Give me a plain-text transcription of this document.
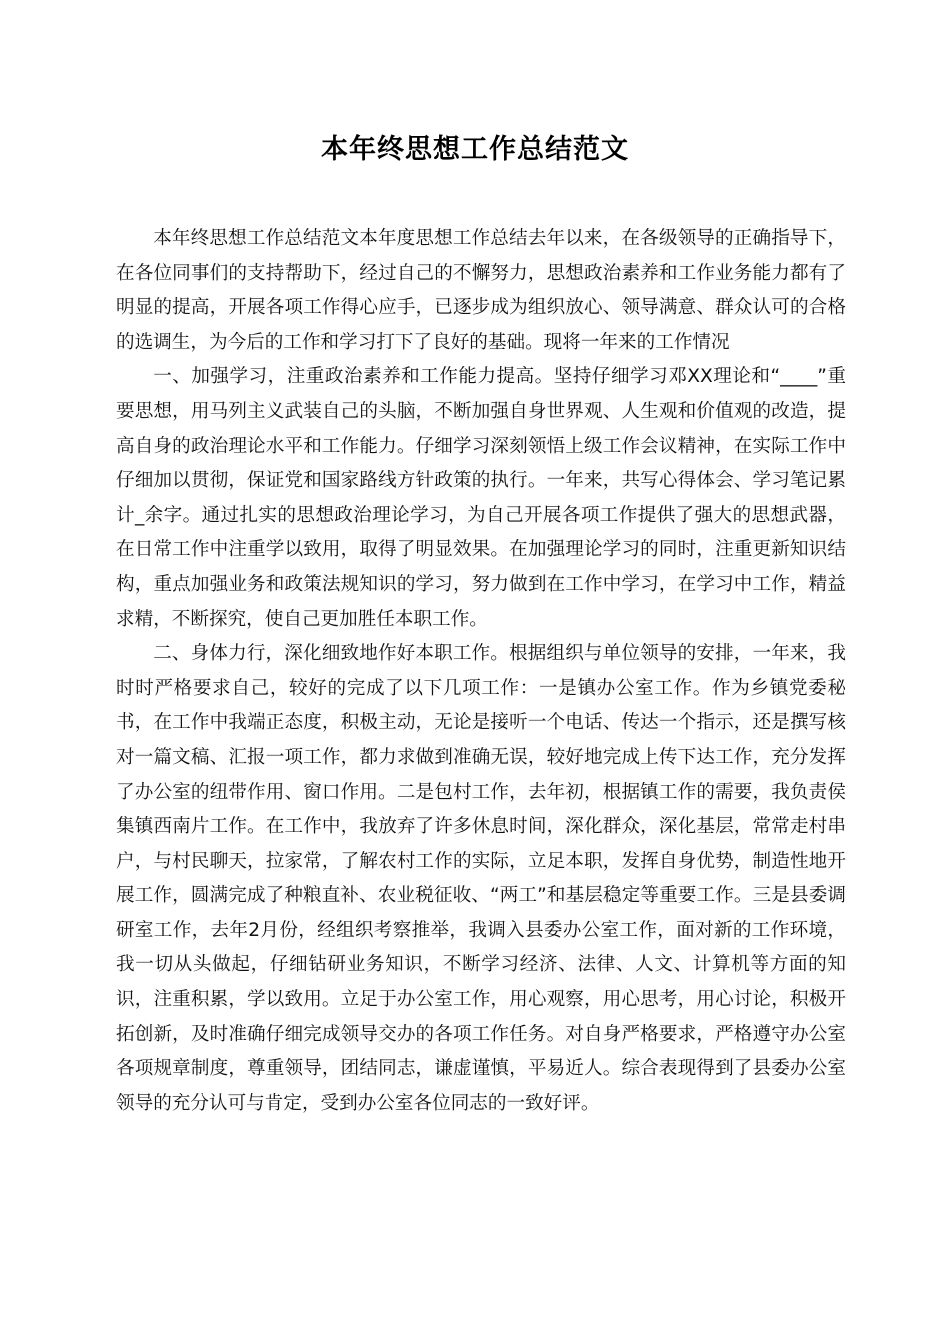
本年终思想工作总结范文

本年终思想工作总结范文本年度思想工作总结去年以来，在各级领导的正确指导下，在各位同事们的支持帮助下，经过自己的不懈努力，思想政治素养和工作业务能力都有了明显的提高，开展各项工作得心应手，已逐步成为组织放心、领导满意、群众认可的合格的选调生，为今后的工作和学习打下了良好的基础。现将一年来的工作情况

一、加强学习，注重政治素养和工作能力提高。坚持仔细学习邓XX理论和“____”重要思想，用马列主义武装自己的头脑，不断加强自身世界观、人生观和价值观的改造，提高自身的政治理论水平和工作能力。仔细学习深刻领悟上级工作会议精神，在实际工作中仔细加以贯彻，保证党和国家路线方针政策的执行。一年来，共写心得体会、学习笔记累计_余字。通过扎实的思想政治理论学习，为自己开展各项工作提供了强大的思想武器，在日常工作中注重学以致用，取得了明显效果。在加强理论学习的同时，注重更新知识结构，重点加强业务和政策法规知识的学习，努力做到在工作中学习，在学习中工作，精益求精，不断探究，使自己更加胜任本职工作。

二、身体力行，深化细致地作好本职工作。根据组织与单位领导的安排，一年来，我时时严格要求自己，较好的完成了以下几项工作：一是镇办公室工作。作为乡镇党委秘书，在工作中我端正态度，积极主动，无论是接听一个电话、传达一个指示，还是撰写核对一篇文稿、汇报一项工作，都力求做到准确无误，较好地完成上传下达工作，充分发挥了办公室的纽带作用、窗口作用。二是包村工作，去年初，根据镇工作的需要，我负责侯集镇西南片工作。在工作中，我放弃了许多休息时间，深化群众，深化基层，常常走村串户，与村民聊天，拉家常，了解农村工作的实际，立足本职，发挥自身优势，制造性地开展工作，圆满完成了种粮直补、农业税征收、“两工”和基层稳定等重要工作。三是县委调研室工作，去年2月份，经组织考察推举，我调入县委办公室工作，面对新的工作环境，我一切从头做起，仔细钻研业务知识，不断学习经济、法律、人文、计算机等方面的知识，注重积累，学以致用。立足于办公室工作，用心观察，用心思考，用心讨论，积极开拓创新，及时准确仔细完成领导交办的各项工作任务。对自身严格要求，严格遵守办公室各项规章制度，尊重领导，团结同志，谦虚谨慎，平易近人。综合表现得到了县委办公室领导的充分认可与肯定，受到办公室各位同志的一致好评。
